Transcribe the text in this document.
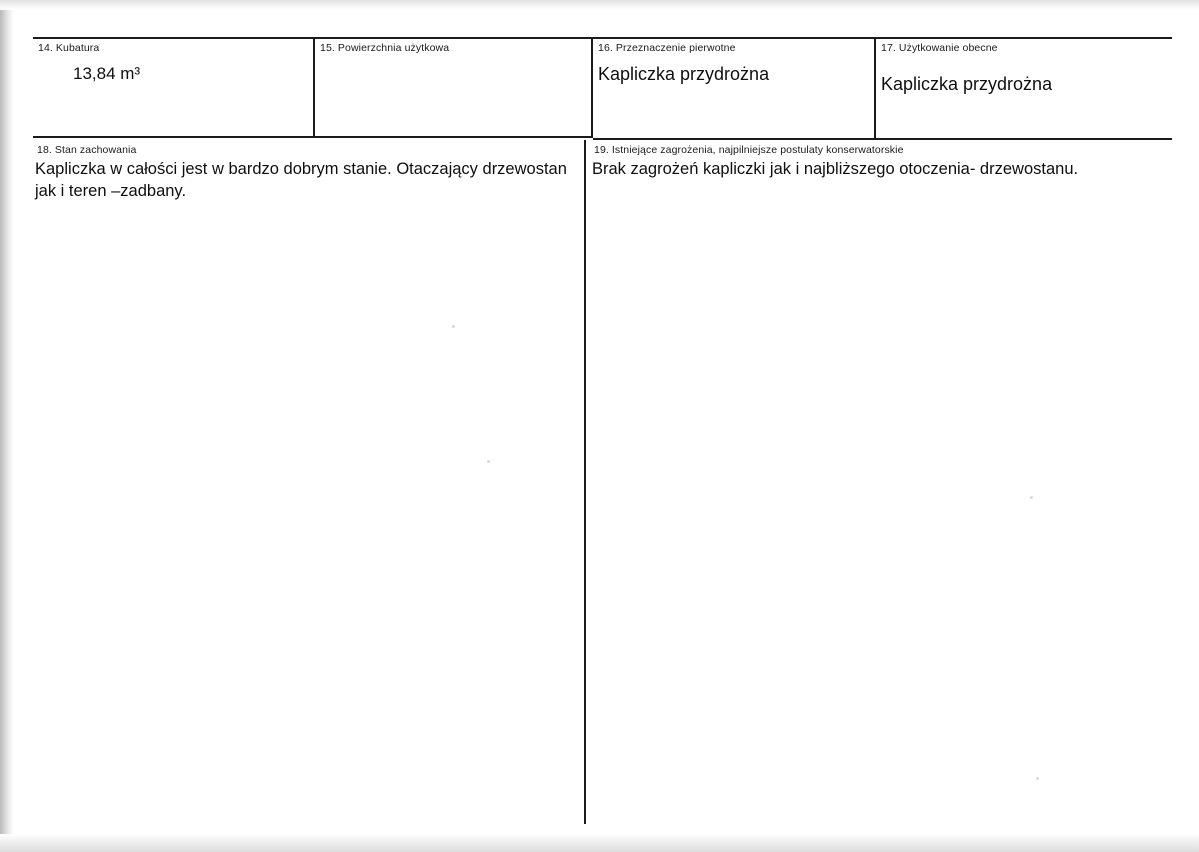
14. Kubatura
13,84 m³
15. Powierzchnia użytkowa	16. Przeznaczenie pierwotne
Kapliczka przydrożna
17. Użytkowanie obecne
Kapliczka przydrożna
18. Stan zachowania
Kapliczka w całości jest w bardzo dobrym stanie. Otaczający drzewostan jak i teren –zadbany.
19. Istniejące zagrożenia, najpilniejsze postulaty konserwatorskie
Brak zagrożeń kapliczki jak i najbliższego otoczenia- drzewostanu.
